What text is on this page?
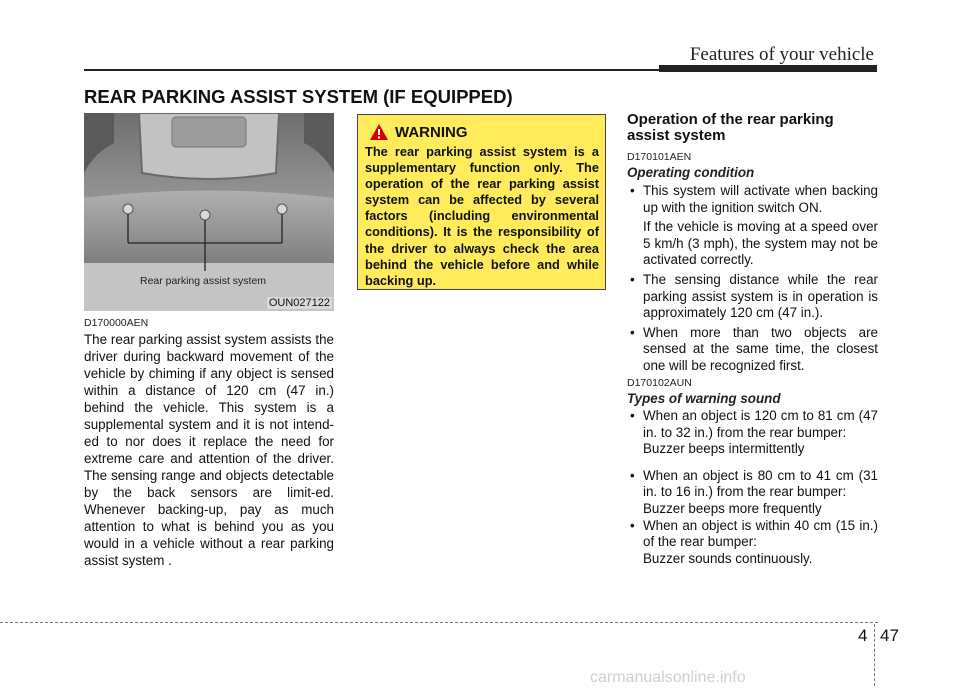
Features of your vehicle
REAR PARKING ASSIST SYSTEM (IF EQUIPPED)
Rear parking assist system
OUN027122
D170000AEN
The rear parking assist system assists the driver during backward movement of the vehicle by chiming if any object is sensed within a distance of 120 cm (47 in.) behind the vehicle. This system is a supplemental system and it is not intend-ed to nor does it replace the need for extreme care and attention of the driver. The sensing range and objects detectable by the back sensors are limit-ed. Whenever backing-up, pay as much attention to what is behind you as you would in a vehicle without a rear parking assist system .
WARNING
The rear parking assist system is a supplementary function only. The operation of the rear parking assist system can be affected by several factors (including environmental conditions). It is the responsibility of the driver to always check the area behind the vehicle before and while backing up.
Operation of the rear parking assist system
D170101AEN
Operating condition
• This system will activate when backing up with the ignition switch ON.
If the vehicle is moving at a speed over 5 km/h (3 mph), the system may not be activated correctly.
• The sensing distance while the rear parking assist system is in operation is approximately 120 cm (47 in.).
• When more than two objects are sensed at the same time, the closest one will be recognized first.
D170102AUN
Types of warning sound
• When an object is 120 cm to 81 cm (47 in. to 32 in.) from the rear bumper:
Buzzer beeps intermittently
• When an object is 80 cm to 41 cm (31 in. to 16 in.) from the rear bumper:
Buzzer beeps more frequently
• When an object is within 40 cm (15 in.) of the rear bumper:
Buzzer sounds continuously.
4 47
carmanualsonline.info
